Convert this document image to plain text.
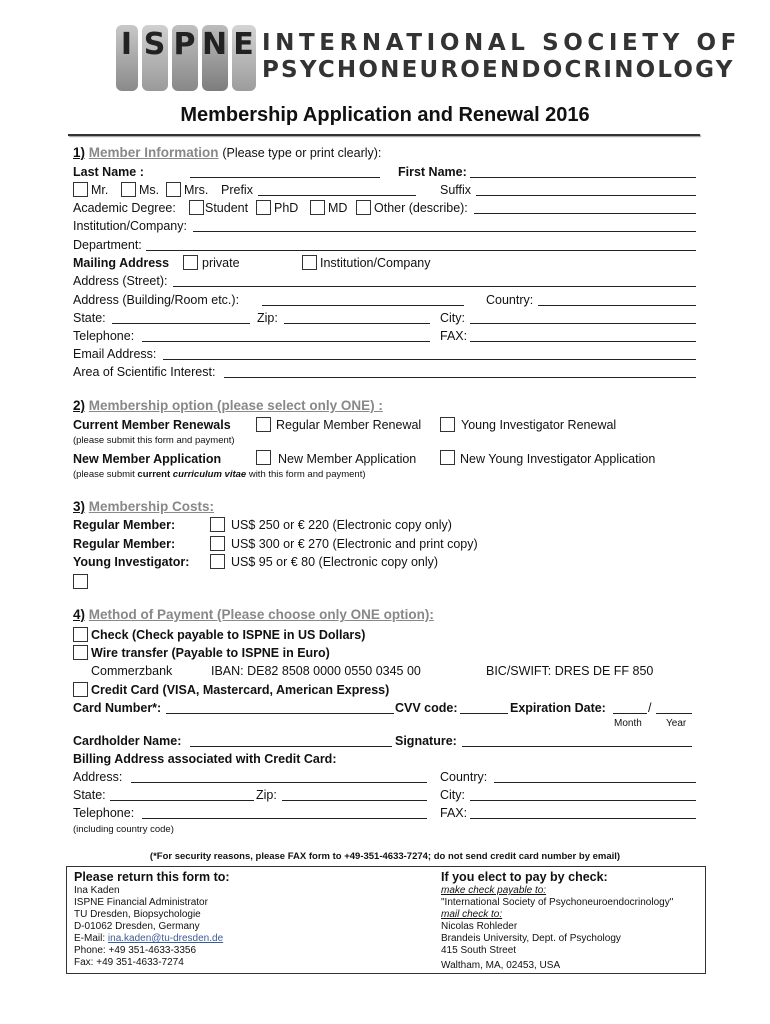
I S P N E INTERNATIONAL SOCIETY OF
PSYCHONEUROENDOCRINOLOGY
Membership Application and Renewal 2016
1) Member Information (Please type or print clearly):
Last Name :	First Name:
Mr. Ms. Mrs. Prefix	Suffix
Academic Degree: Student PhD MD Other (describe):
Institution/Company:
Department:
Mailing Address	private	Institution/Company
Address (Street):
Address (Building/Room etc.):	Country:
State:	Zip:	City:
Telephone:	FAX:
Email Address:
Area of Scientific Interest:
2) Membership option (please select only ONE) :
Current Member Renewals	Regular Member Renewal	Young Investigator Renewal
(please submit this form and payment)
New Member Application	New Member Application	New Young Investigator Application
(please submit current curriculum vitae with this form and payment)
3) Membership Costs:
Regular Member:	US$ 250 or € 220 (Electronic copy only)
Regular Member:	US$ 300 or € 270 (Electronic and print copy)
Young Investigator:	US$ 95 or € 80 (Electronic copy only)
4) Method of Payment (Please choose only ONE option):
Check (Check payable to ISPNE in US Dollars)
Wire transfer (Payable to ISPNE in Euro)
Commerzbank	IBAN: DE82 8508 0000 0550 0345 00	BIC/SWIFT: DRES DE FF 850
Credit Card (VISA, Mastercard, American Express)
Card Number*:	CVV code:	Expiration Date:	/
Month Year
Cardholder Name:	Signature:
Billing Address associated with Credit Card:
Address:	Country:
State:	Zip:	City:
Telephone:	FAX:
(including country code)
(*For security reasons, please FAX form to +49-351-4633-7274; do not send credit card number by email)
Please return this form to:
Ina Kaden
ISPNE Financial Administrator
TU Dresden, Biopsychologie
D-01062 Dresden, Germany
E-Mail: ina.kaden@tu-dresden.de
Phone: +49 351-4633-3356
Fax: +49 351-4633-7274
If you elect to pay by check:
make check payable to:
"International Society of Psychoneuroendocrinology"
mail check to:
Nicolas Rohleder
Brandeis University, Dept. of Psychology
415 South Street
Waltham, MA, 02453, USA
